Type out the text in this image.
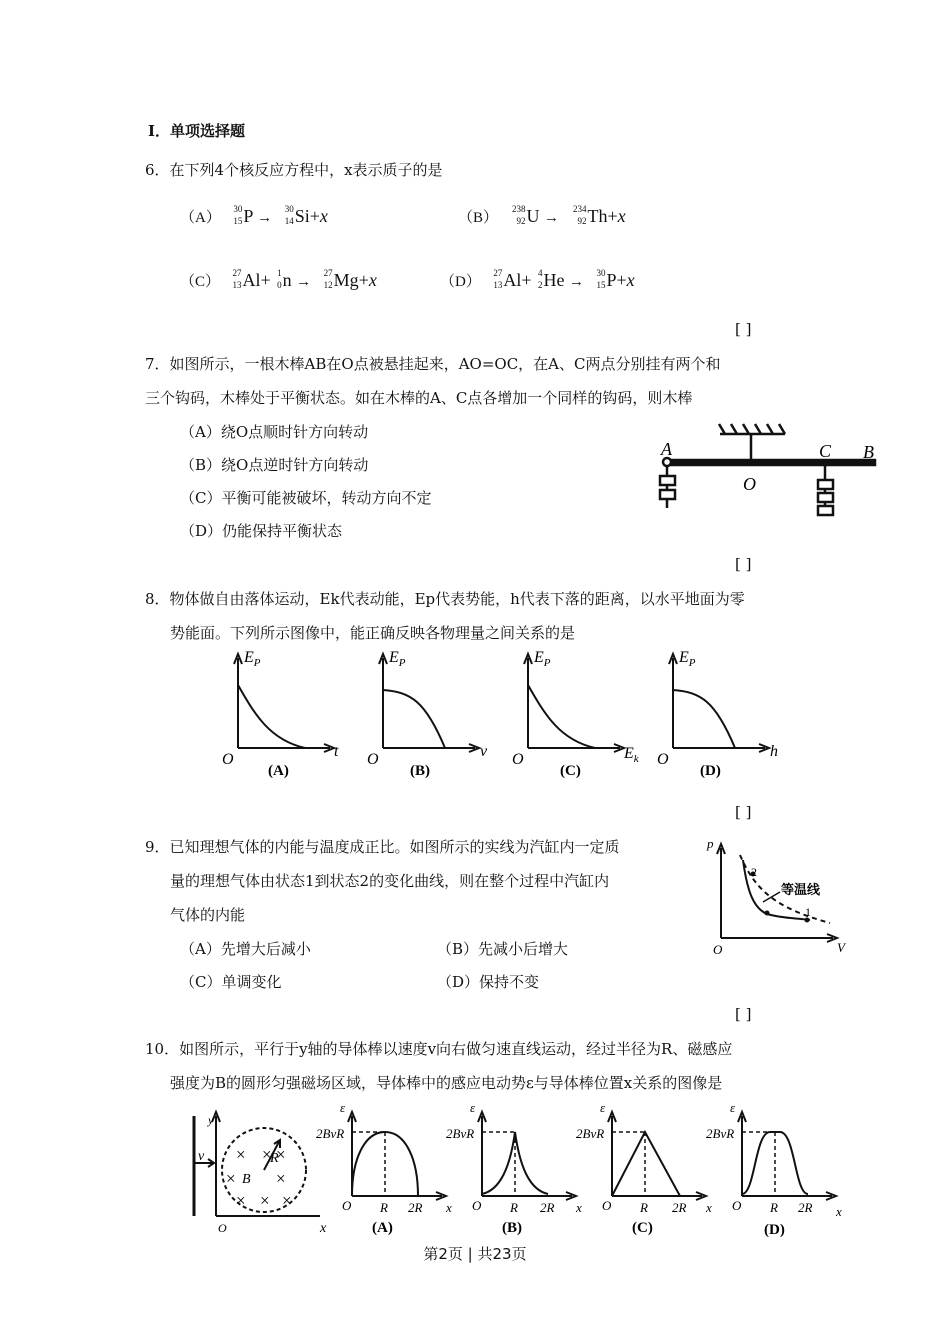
Ⅰ．单项选择题
6．在下列4个核反应方程中，x表示质子的是
（A）
30
15 P →
30
14 Si+x	（B）
238
92 U →
234
92 Th+x
（C）
27
13 Al+ 1
0 n →
27
12 Mg+x	（D）
27
13 Al+ 4
2 He →
30
15 P+x
[ ]
7．如图所示，一根木棒AB在O点被悬挂起来，AO=OC，在A、C两点分别挂有两个和
三个钩码，木棒处于平衡状态。如在木棒的A、C点各增加一个同样的钩码，则木棒
（A）绕O点顺时针方向转动
（B）绕O点逆时针方向转动
（C）平衡可能被破坏，转动方向不定
（D）仍能保持平衡状态
A
O
C B
[ ]
8．物体做自由落体运动，Ek代表动能，Ep代表势能，h代表下落的距离，以水平地面为零
势能面。下列所示图像中，能正确反映各物理量之间关系的是
$E_P$
O	t
$E_P$
O	v
$E_P$
O	$E_k$
$E_P$
O	h
(A)	(B)	(C)	(D)
[ ]
9．已知理想气体的内能与温度成正比。如图所示的实线为汽缸内一定质
量的理想气体由状态1到状态2的变化曲线，则在整个过程中汽缸内
气体的内能
（A）先增大后减小	（B）先减小后增大
（C）单调变化	（D）保持不变
p
O	V
2
1
等温线
[ ]
10．如图所示，平行于y轴的导体棒以速度v向右做匀速直线运动，经过半径为R、磁感应
强度为B的圆形匀强磁场区域，导体棒中的感应电动势ε与导体棒位置x关系的图像是
y
v
B
R
O	x
× × ×
× ×
× × ×
ε
2BvR
O R 2R x
ε
2BvR
O R 2R x
ε
2BvR
O R 2R x
ε
2BvR
O R 2R x
(A)	(B)	(C)	(D)
第2页 | 共23页
